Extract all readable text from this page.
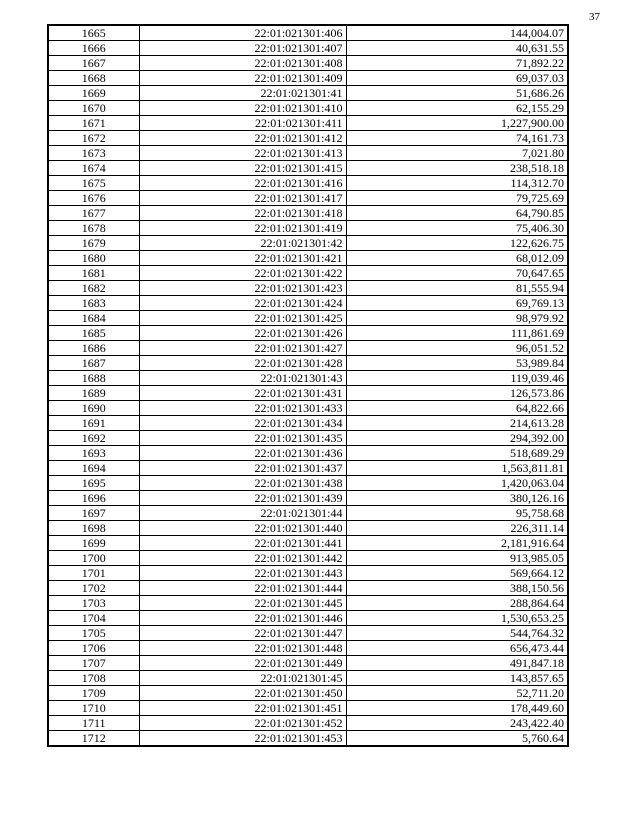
37
1665	22:01:021301:406	144,004.07
1666	22:01:021301:407	40,631.55
1667	22:01:021301:408	71,892.22
1668	22:01:021301:409	69,037.03
1669	22:01:021301:41	51,686.26
1670	22:01:021301:410	62,155.29
1671	22:01:021301:411	1,227,900.00
1672	22:01:021301:412	74,161.73
1673	22:01:021301:413	7,021.80
1674	22:01:021301:415	238,518.18
1675	22:01:021301:416	114,312.70
1676	22:01:021301:417	79,725.69
1677	22:01:021301:418	64,790.85
1678	22:01:021301:419	75,406.30
1679	22:01:021301:42	122,626.75
1680	22:01:021301:421	68,012.09
1681	22:01:021301:422	70,647.65
1682	22:01:021301:423	81,555.94
1683	22:01:021301:424	69,769.13
1684	22:01:021301:425	98,979.92
1685	22:01:021301:426	111,861.69
1686	22:01:021301:427	96,051.52
1687	22:01:021301:428	53,989.84
1688	22:01:021301:43	119,039.46
1689	22:01:021301:431	126,573.86
1690	22:01:021301:433	64,822.66
1691	22:01:021301:434	214,613.28
1692	22:01:021301:435	294,392.00
1693	22:01:021301:436	518,689.29
1694	22:01:021301:437	1,563,811.81
1695	22:01:021301:438	1,420,063.04
1696	22:01:021301:439	380,126.16
1697	22:01:021301:44	95,758.68
1698	22:01:021301:440	226,311.14
1699	22:01:021301:441	2,181,916.64
1700	22:01:021301:442	913,985.05
1701	22:01:021301:443	569,664.12
1702	22:01:021301:444	388,150.56
1703	22:01:021301:445	288,864.64
1704	22:01:021301:446	1,530,653.25
1705	22:01:021301:447	544,764.32
1706	22:01:021301:448	656,473.44
1707	22:01:021301:449	491,847.18
1708	22:01:021301:45	143,857.65
1709	22:01:021301:450	52,711.20
1710	22:01:021301:451	178,449.60
1711	22:01:021301:452	243,422.40
1712	22:01:021301:453	5,760.64
